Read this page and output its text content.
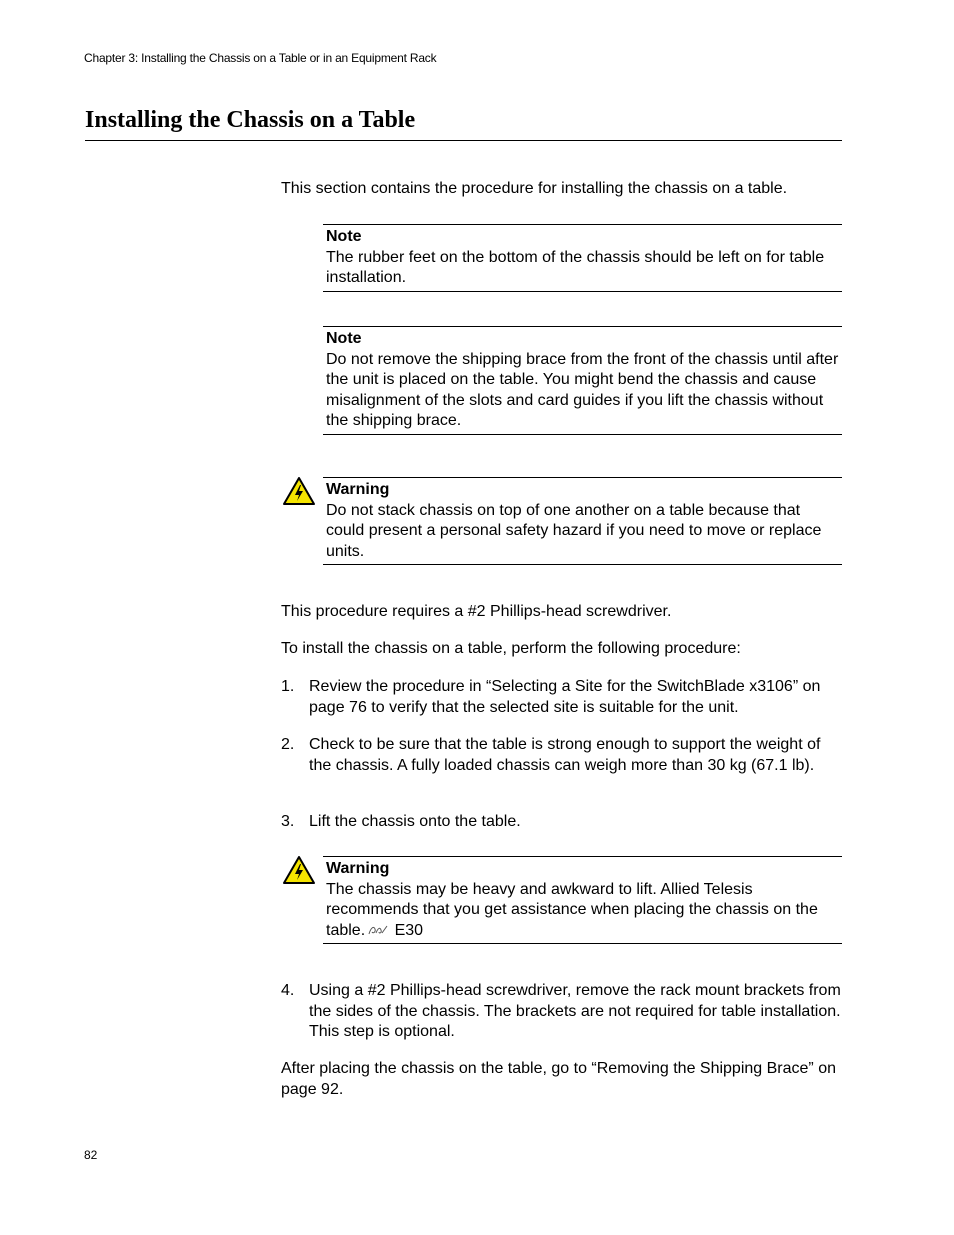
Chapter 3: Installing the Chassis on a Table or in an Equipment Rack
Installing the Chassis on a Table

This section contains the procedure for installing the chassis on a table.

Note
The rubber feet on the bottom of the chassis should be left on for table installation.
Note
Do not remove the shipping brace from the front of the chassis until after the unit is placed on the table. You might bend the chassis and cause misalignment of the slots and card guides if you lift the chassis without the shipping brace.
Warning
Do not stack chassis on top of one another on a table because that could present a personal safety hazard if you need to move or replace units.

This procedure requires a #2 Phillips-head screwdriver.

To install the chassis on a table, perform the following procedure:

1. Review the procedure in “Selecting a Site for the SwitchBlade x3106” on page 76 to verify that the selected site is suitable for the unit.
2. Check to be sure that the table is strong enough to support the weight of the chassis. A fully loaded chassis can weigh more than 30 kg (67.1 lb).
3. Lift the chassis onto the table.
Warning
The chassis may be heavy and awkward to lift. Allied Telesis recommends that you get assistance when placing the chassis on the table. E30
4. Using a #2 Phillips-head screwdriver, remove the rack mount brackets from the sides of the chassis. The brackets are not required for table installation. This step is optional.

After placing the chassis on the table, go to “Removing the Shipping Brace” on page 92.

82
